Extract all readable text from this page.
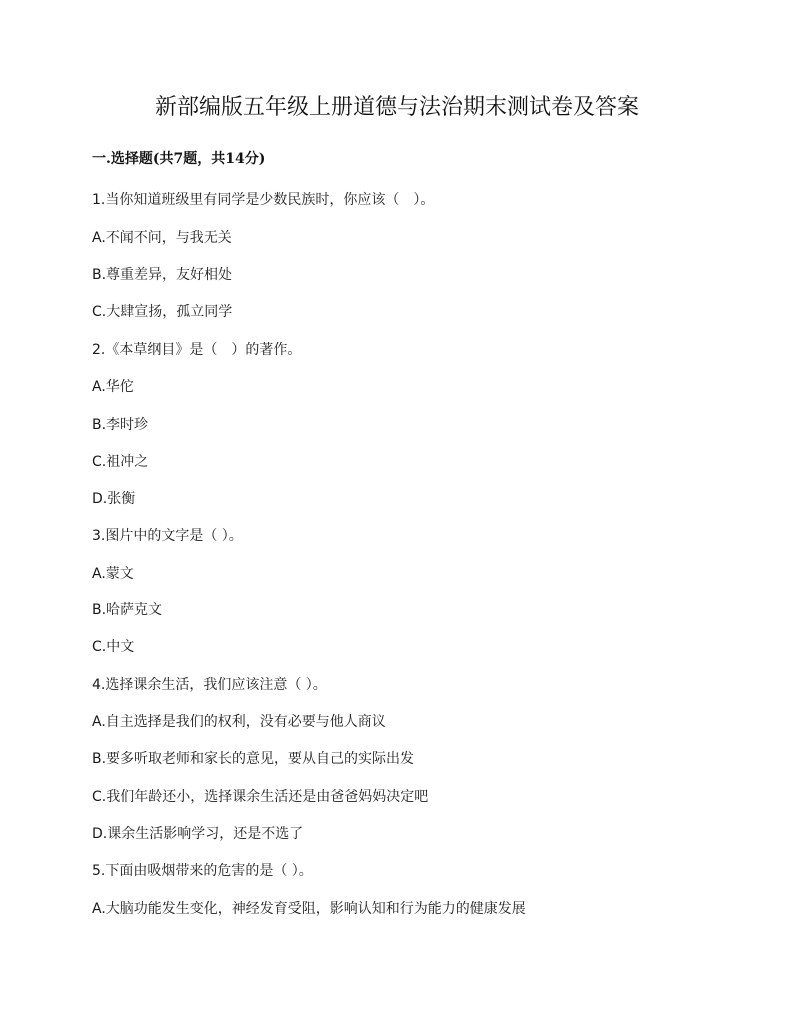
新部编版五年级上册道德与法治期末测试卷及答案
一.选择题(共7题，共14分)
1.当你知道班级里有同学是少数民族时，你应该（　）。
A.不闻不问，与我无关
B.尊重差异，友好相处
C.大肆宣扬，孤立同学
2.《本草纲目》是（　）的著作。
A.华佗
B.李时珍
C.祖冲之
D.张衡
3.图片中的文字是（ ）。
A.蒙文
B.哈萨克文
C.中文
4.选择课余生活，我们应该注意（ ）。
A.自主选择是我们的权利，没有必要与他人商议
B.要多听取老师和家长的意见，要从自己的实际出发
C.我们年龄还小，选择课余生活还是由爸爸妈妈决定吧
D.课余生活影响学习，还是不选了
5.下面由吸烟带来的危害的是（ ）。
A.大脑功能发生变化，神经发育受阻，影响认知和行为能力的健康发展
